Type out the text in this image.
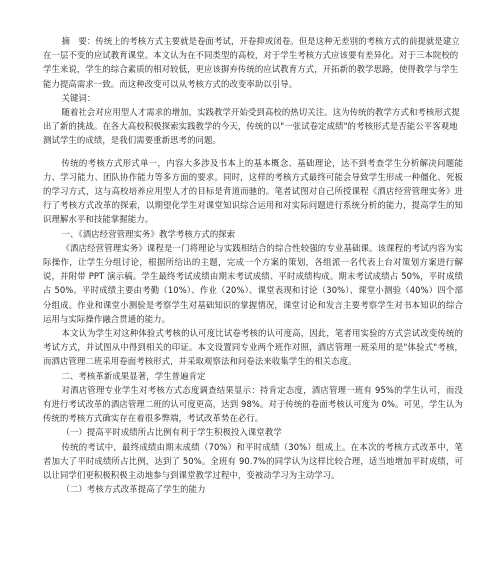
摘　要：传统上的考核方式主要就是卷面考试，开卷抑或闭卷。但是这种无差别的考核方式的前提就是建立在一层不变的应试教育课堂。本文认为在不同类型的高校，对于学生考核方式应该要有差异化。对于三本院校的学生来说，学生的综合素质的相对较低，更应该摒弃传统的应试教育方式，开拓新的教学思路，使得教学与学生能力提高需求一致。而这种改变可以从考核方式的改变率助以引导。

关键词：

随着社会对应用型人才需求的增加，实践教学开始受到高校的热切关注。这为传统的教学方式和考核形式提出了新的挑战。在各大高校积极探索实践教学的今天，传统的以"一张试卷定成绩"的考核形式是否能公平客观地测试学生的成绩，是我们需要重新思考的问题。

传统的考核方式形式单一，内容大多涉及书本上的基本概念、基础理论，达不到考查学生分析解决问题能力、学习能力、团队协作能力等多方面的要求。同时，这样的考核方式最终可能会导致学生形成一种僵化、死板的学习方式，这与高校培养应用型人才的目标是背道而驰的。笔者试图对自己所授课程《酒店经营管理实务》进行了考核方式改革的探索，以期望化学生对课堂知识综合运用和对实际问题进行系统分析的能力，提高学生的知识理解水平和技能掌握能力。

一、《酒店经营管理实务》教学考核方式的探索

《酒店经营管理实务》课程是一门将理论与实践相结合的综合性较强的专业基础课。该课程的考试内容为实际操作，让学生分组讨论，根据所给出的主题，完成一个方案的策划，各组派一名代表上台对策划方案进行解说，并附带 PPT 演示稿。学生最终考试成绩由期末考试成绩、平时成绩构成。期末考试成绩占 50%，平时成绩占 50%。平时成绩主要由考勤（10%）、作业（20%）、课堂表现和讨论（30%）、课堂小测验（40%）四个部分组成。作业和课堂小测验是考察学生对基础知识的掌握情况，课堂讨论和发言主要考察学生对书本知识的综合运用与实际操作融合贯通的能力。

本文认为学生对这种体验式考核的认可度比试卷考核的认可度高，因此，笔者用实验的方式尝试改变传统的考试方式，并试图从中得到相关的印证。本文设置同专业两个班作对照，酒店管理一班采用的是"体验式"考核，而酒店管理二班采用卷面考核形式，并采取观察法和问卷法来收集学生的相关态度。

二、考核革新成果显著，学生普遍肯定

对酒店管理专业学生对考核方式态度调查结果显示：持肯定态度，酒店管理一班有 95%的学生认可，而没有进行考试改革的酒店管理二班的认可度更高，达到 98%。对于传统的卷面考核认可度为 0%。可见，学生认为传统的考核方式确实存在着很多弊端，考试改革势在必行。

（一）提高平时成绩所占比例有利于学生积极投入课堂教学

传统的考试中，最终成绩由期末成绩（70%）和平时成绩（30%）组成上。在本次的考核方式改革中，笔者加大了平时成绩所占比例，达到了 50%。全班有 90.7%的同学认为这样比较合理，适当地增加平时成绩，可以让同学们更积极积极主动地参与到课堂教学过程中，变被动学习为主动学习。

（二）考核方式改革提高了学生的能力
